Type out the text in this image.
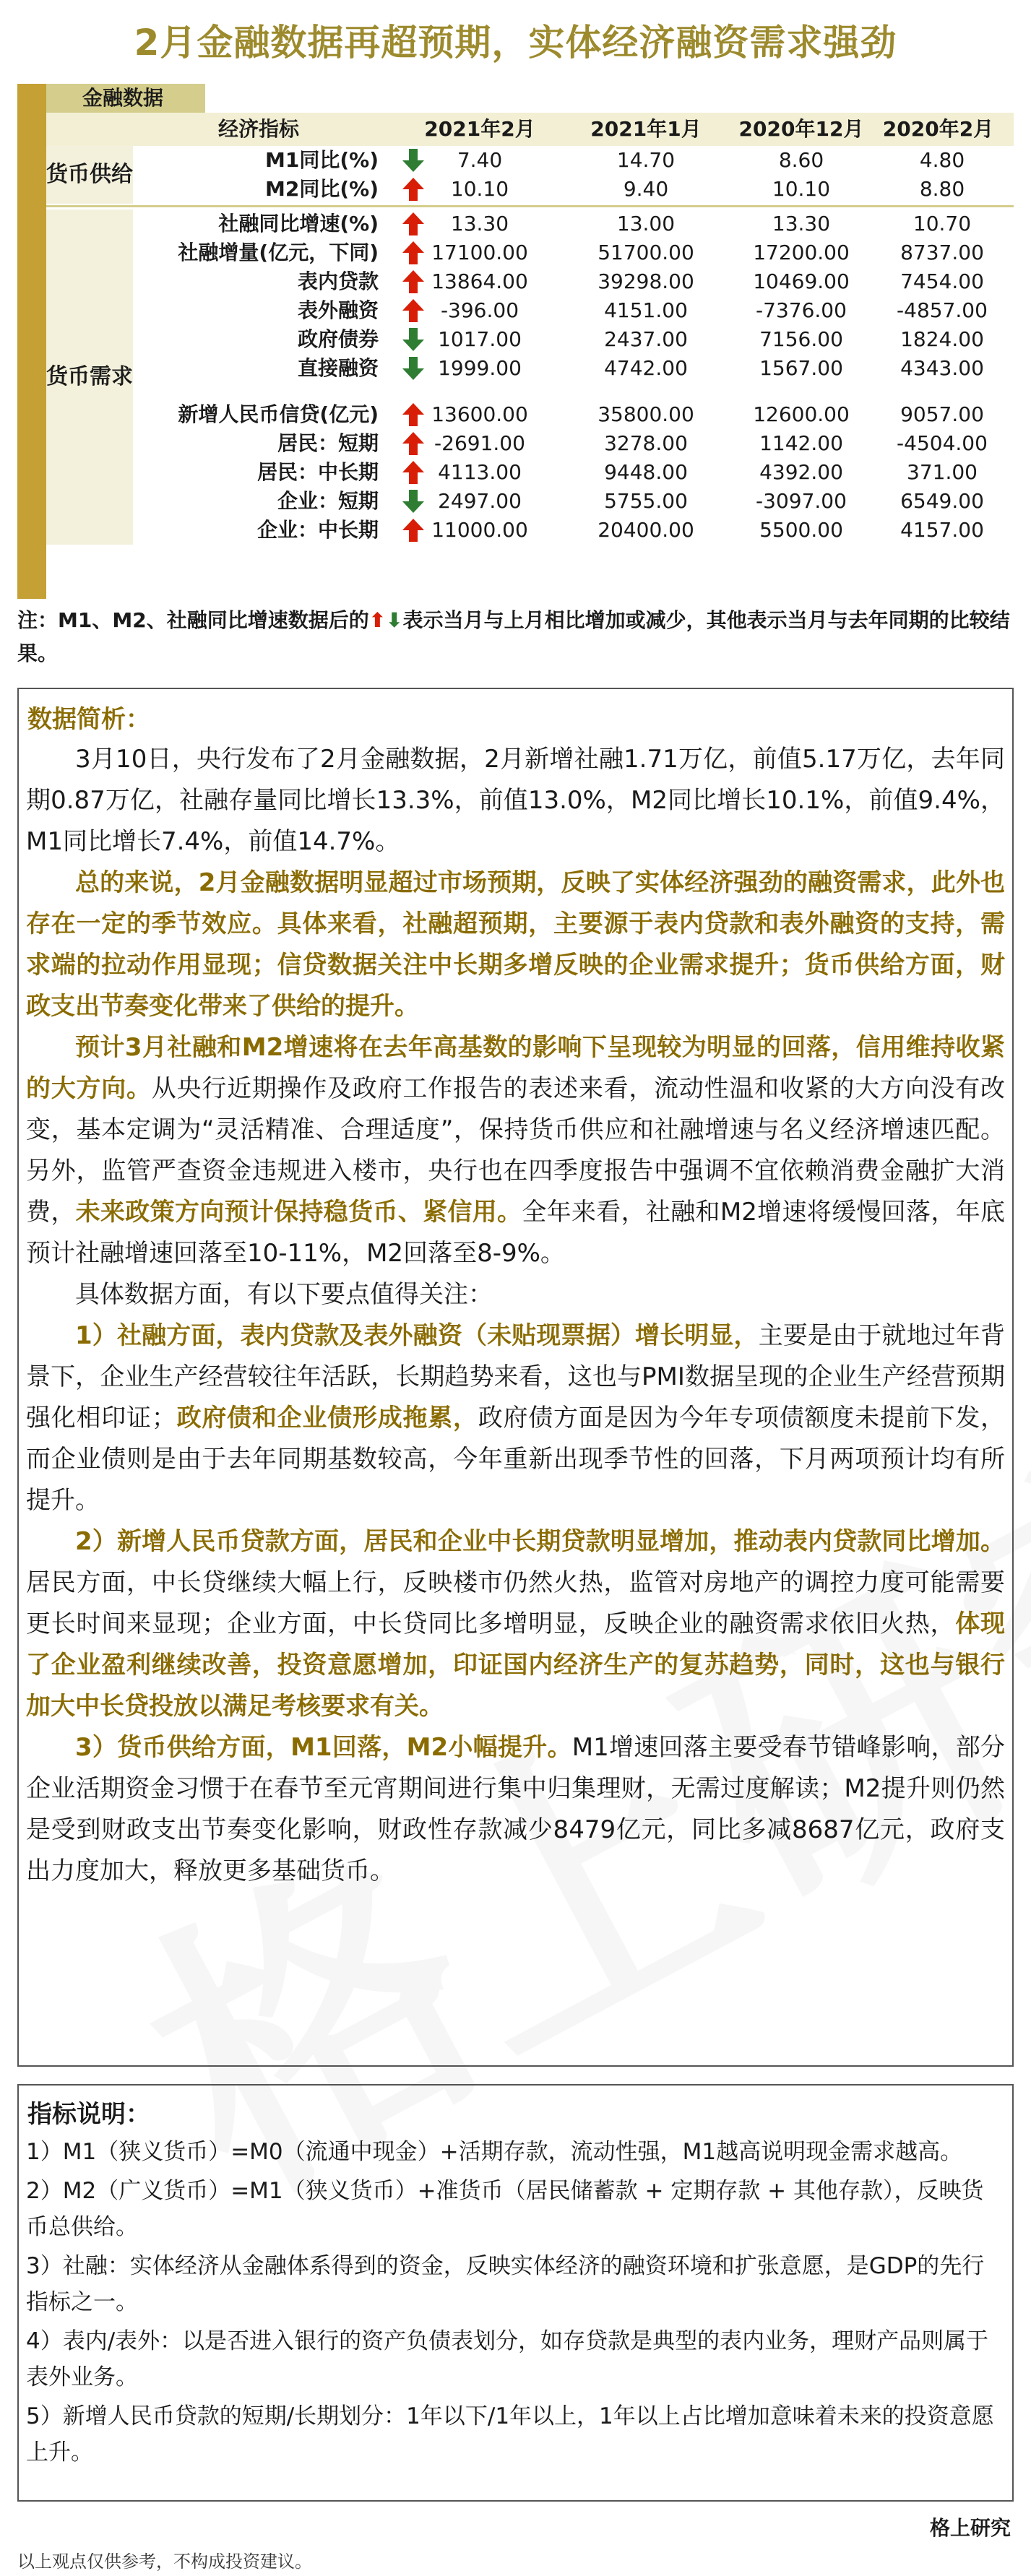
2月金融数据再超预期，实体经济融资需求强劲
金融数据
经济指标	2021年2月	2021年1月	2020年12月 2020年2月
货币供给
M1同比(%)	7.40	14.70	8.60	4.80
M2同比(%)	10.10	9.40	10.10	8.80
货币需求
社融同比增速(%)	13.30	13.00	13.30	10.70
社融增量(亿元，下同)	17100.00	51700.00	17200.00	8737.00
表内贷款	13864.00	39298.00	10469.00	7454.00
表外融资	-396.00	4151.00	-7376.00	-4857.00
政府债券	1017.00	2437.00	7156.00	1824.00
直接融资	1999.00	4742.00	1567.00	4343.00
新增人民币信贷(亿元)	13600.00	35800.00	12600.00	9057.00
居民：短期	-2691.00	3278.00	1142.00	-4504.00
居民：中长期	4113.00	9448.00	4392.00	371.00
企业：短期	2497.00	5755.00	-3097.00	6549.00
企业：中长期	11000.00	20400.00	5500.00	4157.00
注：M1、M2、社融同比增速数据后的⬆⬇表示当月与上月相比增加或减少，其他表示当月与去年同期的比较结果。
数据简析：

3月10日，央行发布了2月金融数据，2月新增社融1.71万亿，前值5.17万亿，去年同期0.87万亿，社融存量同比增长13.3%，前值13.0%，M2同比增长10.1%，前值9.4%，M1同比增长7.4%，前值14.7%。

总的来说，2月金融数据明显超过市场预期，反映了实体经济强劲的融资需求，此外也存在一定的季节效应。具体来看，社融超预期，主要源于表内贷款和表外融资的支持，需求端的拉动作用显现；信贷数据关注中长期多增反映的企业需求提升；货币供给方面，财政支出节奏变化带来了供给的提升。

预计3月社融和M2增速将在去年高基数的影响下呈现较为明显的回落，信用维持收紧的大方向。从央行近期操作及政府工作报告的表述来看，流动性温和收紧的大方向没有改变，基本定调为“灵活精准、合理适度”，保持货币供应和社融增速与名义经济增速匹配。另外，监管严查资金违规进入楼市，央行也在四季度报告中强调不宜依赖消费金融扩大消费，未来政策方向预计保持稳货币、紧信用。全年来看，社融和M2增速将缓慢回落，年底预计社融增速回落至10-11%，M2回落至8-9%。

具体数据方面，有以下要点值得关注：

1）社融方面，表内贷款及表外融资（未贴现票据）增长明显，主要是由于就地过年背景下，企业生产经营较往年活跃，长期趋势来看，这也与PMI数据呈现的企业生产经营预期强化相印证；政府债和企业债形成拖累，政府债方面是因为今年专项债额度未提前下发，而企业债则是由于去年同期基数较高，今年重新出现季节性的回落，下月两项预计均有所提升。

2）新增人民币贷款方面，居民和企业中长期贷款明显增加，推动表内贷款同比增加。居民方面，中长贷继续大幅上行，反映楼市仍然火热，监管对房地产的调控力度可能需要更长时间来显现；企业方面，中长贷同比多增明显，反映企业的融资需求依旧火热，体现了企业盈利继续改善，投资意愿增加，印证国内经济生产的复苏趋势，同时，这也与银行加大中长贷投放以满足考核要求有关。

3）货币供给方面，M1回落，M2小幅提升。M1增速回落主要受春节错峰影响，部分企业活期资金习惯于在春节至元宵期间进行集中归集理财，无需过度解读；M2提升则仍然是受到财政支出节奏变化影响，财政性存款减少8479亿元，同比多减8687亿元，政府支出力度加大，释放更多基础货币。

指标说明：

1）M1（狭义货币）=M0（流通中现金）+活期存款，流动性强，M1越高说明现金需求越高。

2）M2（广义货币）=M1（狭义货币）+准货币（居民储蓄款 + 定期存款 + 其他存款），反映货币总供给。

3）社融：实体经济从金融体系得到的资金，反映实体经济的融资环境和扩张意愿，是GDP的先行指标之一。

4）表内/表外：以是否进入银行的资产负债表划分，如存贷款是典型的表内业务，理财产品则属于表外业务。

5）新增人民币贷款的短期/长期划分：1年以下/1年以上，1年以上占比增加意味着未来的投资意愿上升。

格上研究
以上观点仅供参考，不构成投资建议。
